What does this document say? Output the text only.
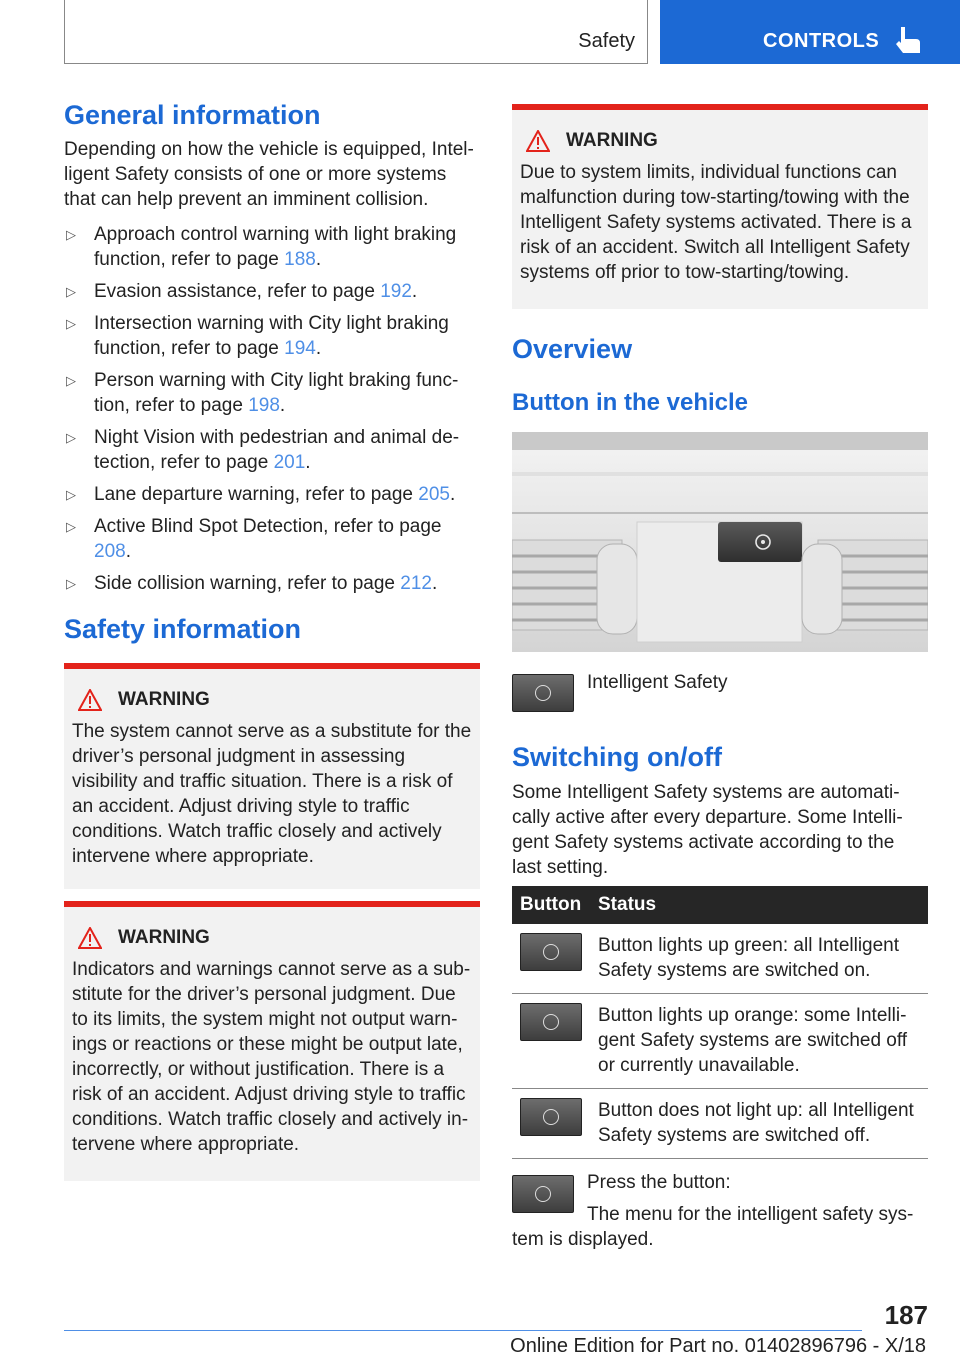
Safety	CONTROLS
General information

Depending on how the vehicle is equipped, Intelligent Safety consists of one or more systems that can help prevent an imminent collision.

▷ Approach control warning with light braking function, refer to page 188.
▷ Evasion assistance, refer to page 192.
▷ Intersection warning with City light braking function, refer to page 194.
▷ Person warning with City light braking function, refer to page 198.
▷ Night Vision with pedestrian and animal detection, refer to page 201.
▷ Lane departure warning, refer to page 205.
▷ Active Blind Spot Detection, refer to page 208.
▷ Side collision warning, refer to page 212.
Safety information
WARNING

The system cannot serve as a substitute for the driver’s personal judgment in assessing visibility and traffic situation. There is a risk of an accident. Adjust driving style to traffic conditions. Watch traffic closely and actively intervene where appropriate.

WARNING

Indicators and warnings cannot serve as a substitute for the driver’s personal judgment. Due to its limits, the system might not output warnings or reactions or these might be output late, incorrectly, or without justification. There is a risk of an accident. Adjust driving style to traffic conditions. Watch traffic closely and actively intervene where appropriate.

WARNING

Due to system limits, individual functions can malfunction during tow-starting/towing with the Intelligent Safety systems activated. There is a risk of an accident. Switch all Intelligent Safety systems off prior to tow-starting/towing.

Overview
Button in the vehicle

Intelligent Safety

Switching on/off

Some Intelligent Safety systems are automatically active after every departure. Some Intelligent Safety systems activate according to the last setting.

Button	Status

	Button lights up green: all Intelligent Safety systems are switched on.

	Button lights up orange: some Intelligent Safety systems are switched off or currently unavailable.

	Button does not light up: all Intelligent Safety systems are switched off.

Press the button:

The menu for the intelligent safety system is displayed.

187
Online Edition for Part no. 01402896796 - X/18
